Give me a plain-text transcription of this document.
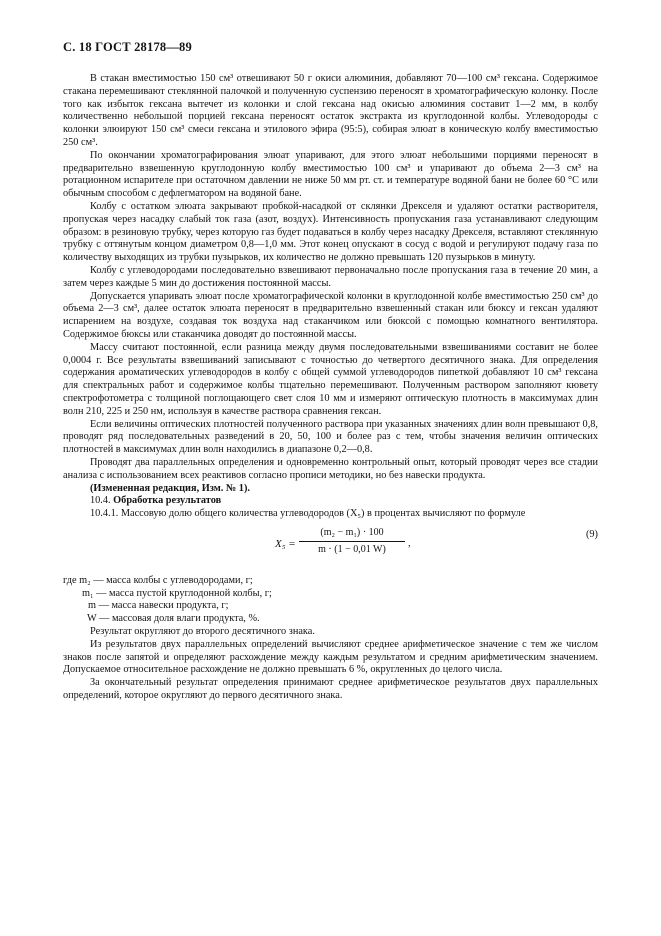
С. 18 ГОСТ 28178—89

В стакан вместимостью 150 см³ отвешивают 50 г окиси алюминия, добавляют 70—100 см³ гексана. Содержимое стакана перемешивают стеклянной палочкой и полученную суспензию переносят в хроматографическую колонку. После того как избыток гексана вытечет из колонки и слой гексана над окисью алюминия составит 1—2 мм, в колбу количественно небольшой порцией гексана переносят остаток экстракта из круглодонной колбы. Углеводороды с колонки элюируют 150 см³ смеси гексана и этилового эфира (95:5), собирая элюат в коническую колбу вместимостью 250 см³.

По окончании хроматографирования элюат упаривают, для этого элюат небольшими порциями переносят в предварительно взвешенную круглодонную колбу вместимостью 100 см³ и упаривают до объема 2—3 см³ на ротационном испарителе при остаточном давлении не ниже 50 мм рт. ст. и температуре водяной бани не более 60 °С или обычным способом с дефлегматором на водяной бане.

Колбу с остатком элюата закрывают пробкой-насадкой от склянки Дрекселя и удаляют остатки растворителя, пропуская через насадку слабый ток газа (азот, воздух). Интенсивность пропускания газа устанавливают следующим образом: в резиновую трубку, через которую газ будет подаваться в колбу через насадку Дрекселя, вставляют стеклянную трубку с оттянутым концом диаметром 0,8—1,0 мм. Этот конец опускают в сосуд с водой и регулируют подачу газа по количеству выходящих из трубки пузырьков, их количество не должно превышать 120 пузырьков в минуту.

Колбу с углеводородами последовательно взвешивают первоначально после пропускания газа в течение 20 мин, а затем через каждые 5 мин до достижения постоянной массы.

Допускается упаривать элюат после хроматографической колонки в круглодонной колбе вместимостью 250 см³ до объема 2—3 см³, далее остаток элюата переносят в предварительно взвешенный стакан или бюксу и гексан удаляют испарением на воздухе, создавая ток воздуха над стаканчиком или бюксой с помощью комнатного вентилятора. Содержимое бюксы или стаканчика доводят до постоянной массы.

Массу считают постоянной, если разница между двумя последовательными взвешиваниями составит не более 0,0004 г. Все результаты взвешиваний записывают с точностью до четвертого десятичного знака. Для определения содержания ароматических углеводородов в колбу с общей суммой углеводородов пипеткой добавляют 10 см³ гексана для спектральных работ и содержимое колбы тщательно перемешивают. Полученным раствором заполняют кювету спектрофотометра с толщиной поглощающего свет слоя 10 мм и измеряют оптическую плотность в максимумах длин волн 210, 225 и 250 нм, используя в качестве раствора сравнения гексан.

Если величины оптических плотностей полученного раствора при указанных значениях длин волн превышают 0,8, проводят ряд последовательных разведений в 20, 50, 100 и более раз с тем, чтобы значения величин оптических плотностей в максимумах длин волн находились в диапазоне 0,2—0,8.

Проводят два параллельных определения и одновременно контрольный опыт, который проводят через все стадии анализа с использованием всех реактивов согласно прописи методики, но без навески продукта.

(Измененная редакция, Изм. № 1).

10.4. Обработка результатов

10.4.1. Массовую долю общего количества углеводородов (X₅) в процентах вычисляют по формуле

$X_5 = \frac{\text{(m₂ − m₁) · 100}}{m \cdot (1 - 0,01 W)}$ ,
(9)
где m₂ — масса колбы с углеводородами, г;
m₁ — масса пустой круглодонной колбы, г;
m — масса навески продукта, г;
W — массовая доля влаги продукта, %.

Результат округляют до второго десятичного знака.

Из результатов двух параллельных определений вычисляют среднее арифметическое значение с тем же числом знаков после запятой и определяют расхождение между каждым результатом и средним арифметическим значением. Допускаемое относительное расхождение не должно превышать 6 %, округленных до целого числа.

За окончательный результат определения принимают среднее арифметическое результатов двух параллельных определений, которое округляют до первого десятичного знака.
